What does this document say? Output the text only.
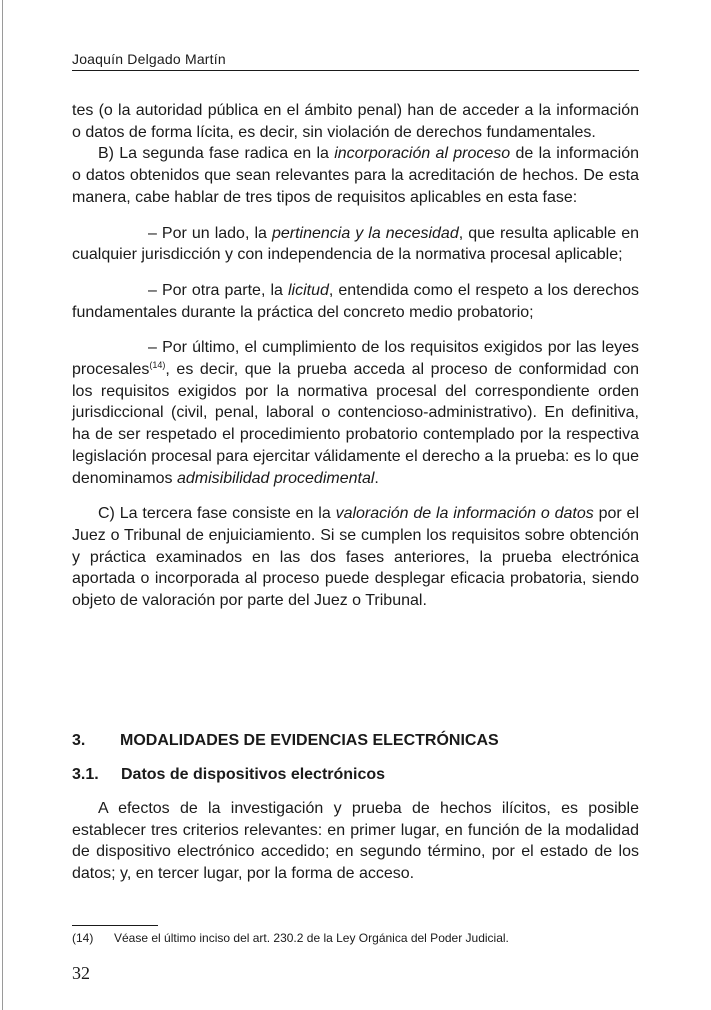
Joaquín Delgado Martín

tes (o la autoridad pública en el ámbito penal) han de acceder a la información o datos de forma lícita, es decir, sin violación de derechos fundamentales.

B) La segunda fase radica en la incorporación al proceso de la información o datos obtenidos que sean relevantes para la acreditación de hechos. De esta manera, cabe hablar de tres tipos de requisitos aplicables en esta fase:

– Por un lado, la pertinencia y la necesidad, que resulta aplicable en cualquier jurisdicción y con independencia de la normativa procesal aplicable;

– Por otra parte, la licitud, entendida como el respeto a los derechos fundamentales durante la práctica del concreto medio probatorio;

– Por último, el cumplimiento de los requisitos exigidos por las leyes procesales$^{(14)}$, es decir, que la prueba acceda al proceso de conformidad con los requisitos exigidos por la normativa procesal del correspondiente orden jurisdiccional (civil, penal, laboral o contencioso-administrativo). En definitiva, ha de ser respetado el procedimiento probatorio contemplado por la respectiva legislación procesal para ejercitar válidamente el derecho a la prueba: es lo que denominamos admisibilidad procedimental.

C) La tercera fase consiste en la valoración de la información o datos por el Juez o Tribunal de enjuiciamiento. Si se cumplen los requisitos sobre obtención y práctica examinados en las dos fases anteriores, la prueba electrónica aportada o incorporada al proceso puede desplegar eficacia probatoria, siendo objeto de valoración por parte del Juez o Tribunal.

3. MODALIDADES DE EVIDENCIAS ELECTRÓNICAS
3.1. Datos de dispositivos electrónicos

A efectos de la investigación y prueba de hechos ilícitos, es posible establecer tres criterios relevantes: en primer lugar, en función de la modalidad de dispositivo electrónico accedido; en segundo término, por el estado de los datos; y, en tercer lugar, por la forma de acceso.

(14) Véase el último inciso del art. 230.2 de la Ley Orgánica del Poder Judicial.
32
